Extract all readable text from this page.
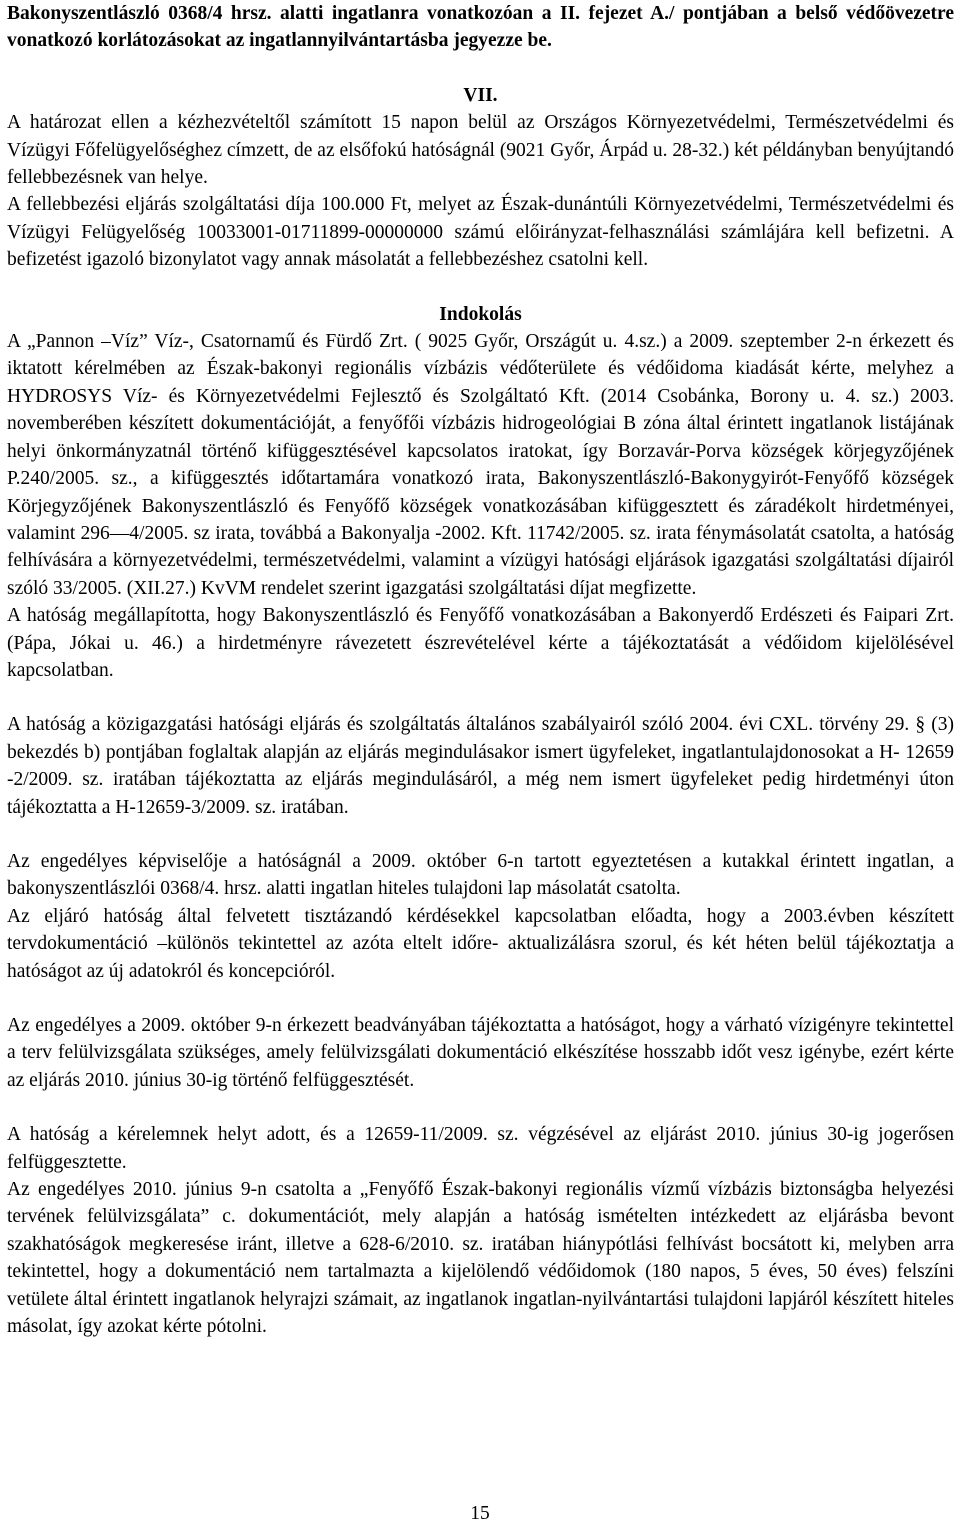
Bakonyszentlászló 0368/4 hrsz. alatti ingatlanra vonatkozóan a II. fejezet A./ pontjában a belső védőövezetre vonatkozó korlátozásokat az ingatlannyilvántartásba jegyezze be.

VII.

A határozat ellen a kézhezvételtől számított 15 napon belül az Országos Környezetvédelmi, Természetvédelmi és Vízügyi Főfelügyelőséghez címzett, de az elsőfokú hatóságnál (9021 Győr, Árpád u. 28-32.) két példányban benyújtandó fellebbezésnek van helye.

A fellebbezési eljárás szolgáltatási díja 100.000 Ft, melyet az Észak-dunántúli Környezetvédelmi, Természetvédelmi és Vízügyi Felügyelőség 10033001-01711899-00000000 számú előirányzat-felhasználási számlájára kell befizetni. A befizetést igazoló bizonylatot vagy annak másolatát a fellebbezéshez csatolni kell.

Indokolás

A „Pannon –Víz” Víz-, Csatornamű és Fürdő Zrt. ( 9025 Győr, Országút u. 4.sz.) a 2009. szeptember 2-n érkezett és iktatott kérelmében az Észak-bakonyi regionális vízbázis védőterülete és védőidoma kiadását kérte, melyhez a HYDROSYS Víz- és Környezetvédelmi Fejlesztő és Szolgáltató Kft. (2014 Csobánka, Borony u. 4. sz.) 2003. novemberében készített dokumentációját, a fenyőfői vízbázis hidrogeológiai B zóna által érintett ingatlanok listájának helyi önkormányzatnál történő kifüggesztésével kapcsolatos iratokat, így Borzavár-Porva községek körjegyzőjének P.240/2005. sz., a kifüggesztés időtartamára vonatkozó irata, Bakonyszentlászló-Bakonygyirót-Fenyőfő községek Körjegyzőjének Bakonyszentlászló és Fenyőfő községek vonatkozásában kifüggesztett és záradékolt hirdetményei, valamint 296—4/2005. sz irata, továbbá a Bakonyalja -2002. Kft. 11742/2005. sz. irata fénymásolatát csatolta, a hatóság felhívására a környezetvédelmi, természetvédelmi, valamint a vízügyi hatósági eljárások igazgatási szolgáltatási díjairól szóló 33/2005. (XII.27.) KvVM rendelet szerint igazgatási szolgáltatási díjat megfizette.

A hatóság megállapította, hogy Bakonyszentlászló és Fenyőfő vonatkozásában a Bakonyerdő Erdészeti és Faipari Zrt. (Pápa, Jókai u. 46.) a hirdetményre rávezetett észrevételével kérte a tájékoztatását a védőidom kijelölésével kapcsolatban.

A hatóság a közigazgatási hatósági eljárás és szolgáltatás általános szabályairól szóló 2004. évi CXL. törvény 29. § (3) bekezdés b) pontjában foglaltak alapján az eljárás megindulásakor ismert ügyfeleket, ingatlantulajdonosokat a H- 12659 -2/2009. sz. iratában tájékoztatta az eljárás megindulásáról, a még nem ismert ügyfeleket pedig hirdetményi úton tájékoztatta a H-12659-3/2009. sz. iratában.

Az engedélyes képviselője a hatóságnál a 2009. október 6-n tartott egyeztetésen a kutakkal érintett ingatlan, a bakonyszentlászlói 0368/4. hrsz. alatti ingatlan hiteles tulajdoni lap másolatát csatolta.

Az eljáró hatóság által felvetett tisztázandó kérdésekkel kapcsolatban előadta, hogy a 2003.évben készített tervdokumentáció –különös tekintettel az azóta eltelt időre- aktualizálásra szorul, és két héten belül tájékoztatja a hatóságot az új adatokról és koncepcióról.

Az engedélyes a 2009. október 9-n érkezett beadványában tájékoztatta a hatóságot, hogy a várható vízigényre tekintettel a terv felülvizsgálata szükséges, amely felülvizsgálati dokumentáció elkészítése hosszabb időt vesz igénybe, ezért kérte az eljárás 2010. június 30-ig történő felfüggesztését.

A hatóság a kérelemnek helyt adott, és a 12659-11/2009. sz. végzésével az eljárást 2010. június 30-ig jogerősen felfüggesztette.

Az engedélyes 2010. június 9-n csatolta a „Fenyőfő Észak-bakonyi regionális vízmű vízbázis biztonságba helyezési tervének felülvizsgálata” c. dokumentációt, mely alapján a hatóság ismételten intézkedett az eljárásba bevont szakhatóságok megkeresése iránt, illetve a 628-6/2010. sz. iratában hiánypótlási felhívást bocsátott ki, melyben arra tekintettel, hogy a dokumentáció nem tartalmazta a kijelölendő védőidomok (180 napos, 5 éves, 50 éves) felszíni vetülete által érintett ingatlanok helyrajzi számait, az ingatlanok ingatlan-nyilvántartási tulajdoni lapjáról készített hiteles másolat, így azokat kérte pótolni.

15
